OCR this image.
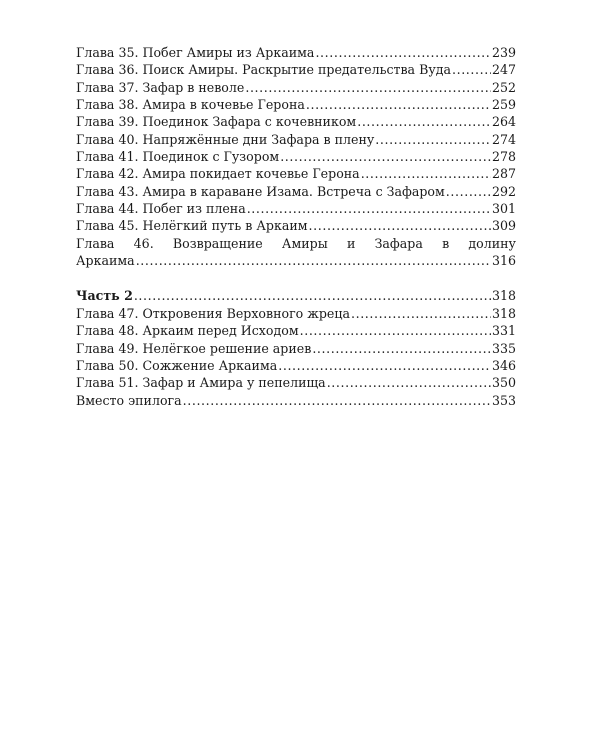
Глава 35. Побег Амиры из Аркаима .....	239
Глава 36. Поиск Амиры. Раскрытие предательства Вуда .....	247
Глава 37. Зафар в неволе .....	252
Глава 38. Амира в кочевье Герона .....	259
Глава 39. Поединок Зафара с кочевником .....	264
Глава 40. Напряжённые дни Зафара в плену .....	274
Глава 41. Поединок с Гузором .....	278
Глава 42. Амира покидает кочевье Герона .....	287
Глава 43. Амира в караване Изама. Встреча с Зафаром .....	292
Глава 44. Побег из плена .....	301
Глава 45. Нелёгкий путь в Аркаим .....	309
Глава 46. Возвращение Амиры и Зафара в долину
Аркаима .....	316
Часть 2 .....	318
Глава 47. Откровения Верховного жреца .....	318
Глава 48. Аркаим перед Исходом .....	331
Глава 49. Нелёгкое решение ариев .....	335
Глава 50. Сожжение Аркаима .....	346
Глава 51. Зафар и Амира у пепелища .....	350
Вместо эпилога .....	353
